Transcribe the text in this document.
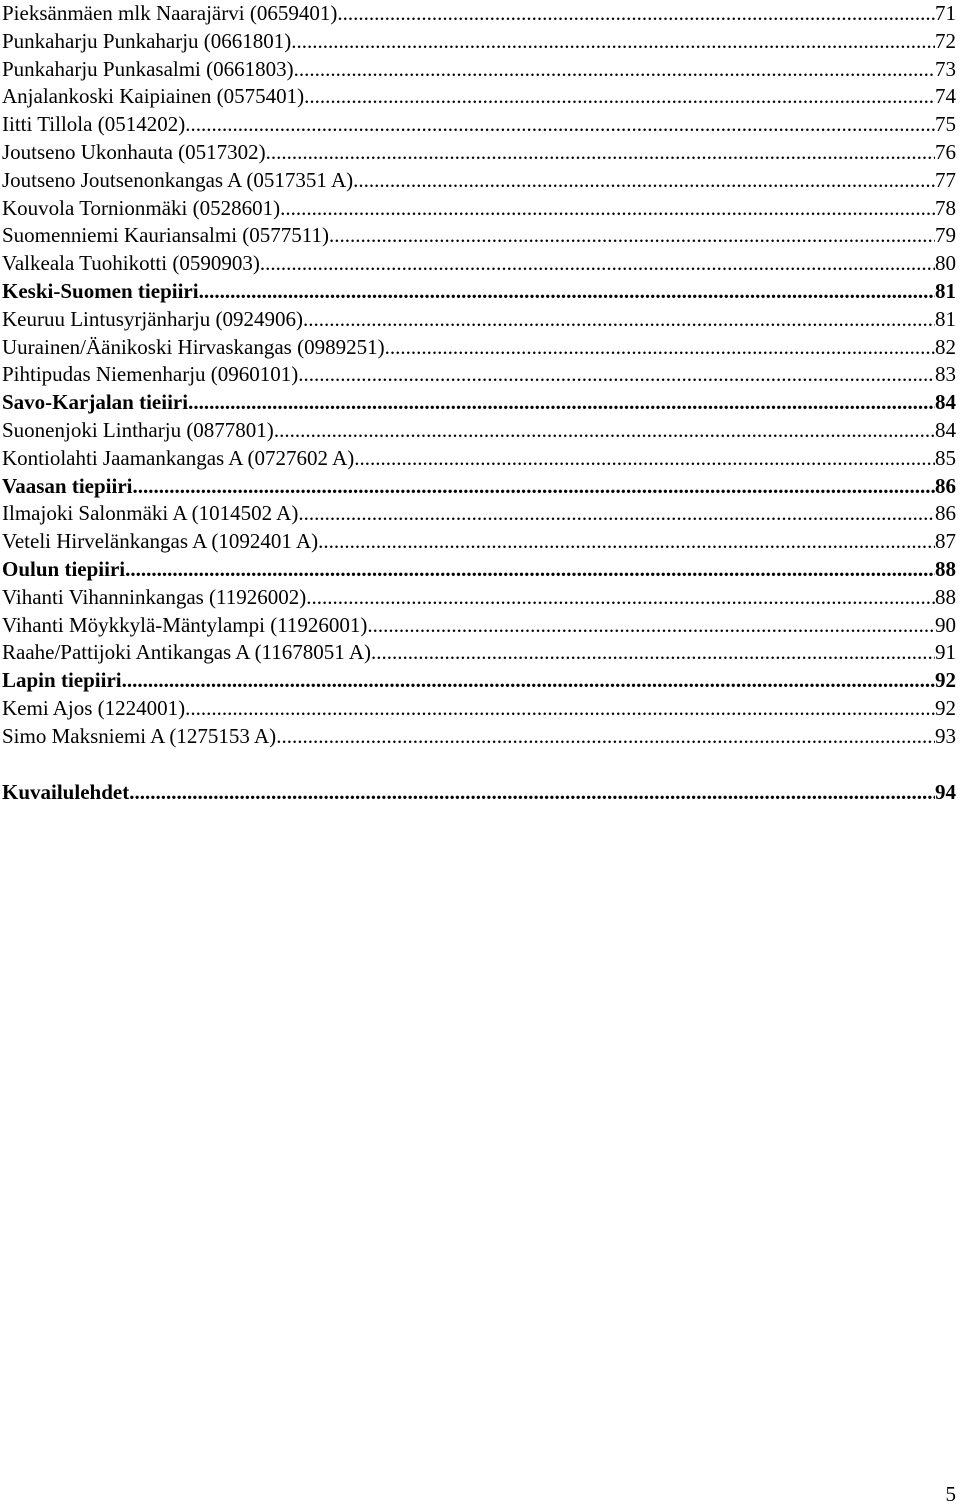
Pieksänmäen mlk Naarajärvi (0659401) .....	71
Punkaharju Punkaharju (0661801) .....	72
Punkaharju Punkasalmi (0661803) .....	73
Anjalankoski Kaipiainen (0575401) .....	74
Iitti Tillola (0514202) .....	75
Joutseno Ukonhauta (0517302) .....	76
Joutseno Joutsenonkangas A (0517351 A) .....	77
Kouvola Tornionmäki (0528601) .....	78
Suomenniemi Kauriansalmi (0577511) .....	79
Valkeala Tuohikotti (0590903) .....	80
Keski-Suomen tiepiiri .....	81
Keuruu Lintusyrjänharju (0924906) .....	81
Uurainen/Äänikoski Hirvaskangas (0989251) .....	82
Pihtipudas Niemenharju (0960101) .....	83
Savo-Karjalan tieiiri .....	84
Suonenjoki Lintharju (0877801) .....	84
Kontiolahti Jaamankangas A (0727602 A) .....	85
Vaasan tiepiiri .....	86
Ilmajoki Salonmäki A (1014502 A) .....	86
Veteli Hirvelänkangas A (1092401 A) .....	87
Oulun tiepiiri .....	88
Vihanti Vihanninkangas (11926002) .....	88
Vihanti Möykkylä-Mäntylampi (11926001) .....	90
Raahe/Pattijoki Antikangas A (11678051 A) .....	91
Lapin tiepiiri .....	92
Kemi Ajos (1224001) .....	92
Simo Maksniemi A (1275153 A) .....	93
Kuvailulehdet .....	94
5
